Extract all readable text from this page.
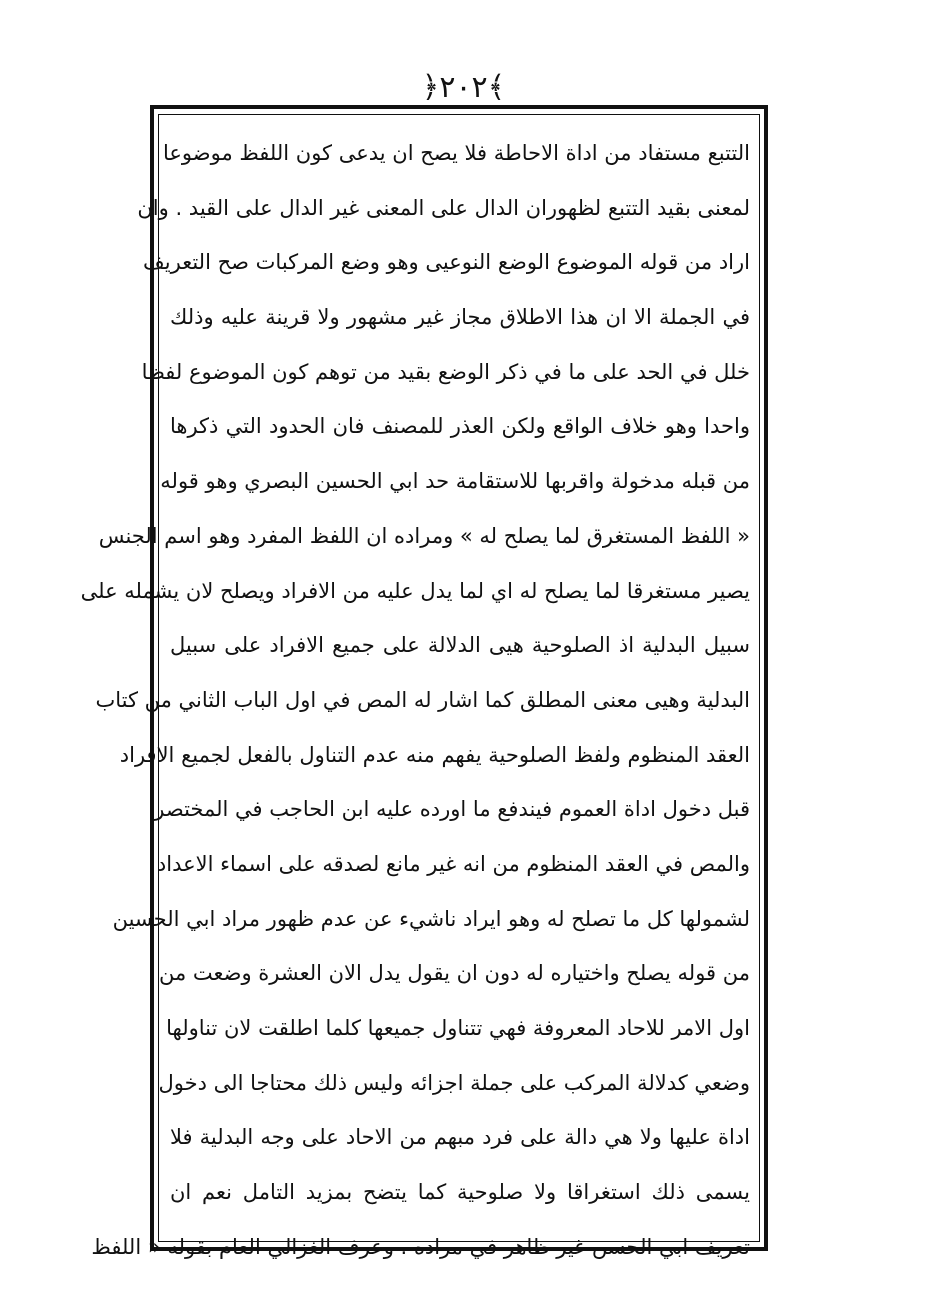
﴿٢٠٢﴾
التتبع مستفاد من اداة الاحاطة فلا يصح ان يدعى كون اللفظ موضوعا
لمعنى بقيد التتبع لظهوران الدال على المعنى غير الدال على القيد . وان
اراد من قوله الموضوع الوضع النوعيى وهو وضع المركبات صح التعريف
في الجملة الا ان هذا الاطلاق مجاز غير مشهور ولا قرينة عليه وذلك
خلل في الحد على ما في ذكر الوضع بقيد من توهم كون الموضوع لفظا
واحدا وهو خلاف الواقع ولكن العذر للمصنف فان الحدود التي ذكرها
من قبله مدخولة واقربها للاستقامة حد ابي الحسين البصري وهو قوله
« اللفظ المستغرق لما يصلح له » ومراده ان اللفظ المفرد وهو اسم الجنس
يصير مستغرقا لما يصلح له اي لما يدل عليه من الافراد ويصلح لان يشمله على
سبيل البدلية اذ الصلوحية هيى الدلالة على جميع الافراد على سبيل
البدلية وهيى معنى المطلق كما اشار له المص في اول الباب الثاني من كتاب
العقد المنظوم ولفظ الصلوحية يفهم منه عدم التناول بالفعل لجميع الافراد
قبل دخول اداة العموم فيندفع ما اورده عليه ابن الحاجب في المختصر
والمص في العقد المنظوم من انه غير مانع لصدقه على اسماء الاعداد
لشمولها كل ما تصلح له وهو ايراد ناشيء عن عدم ظهور مراد ابي الحسين
من قوله يصلح واختياره له دون ان يقول يدل الان العشرة وضعت من
اول الامر للاحاد المعروفة فهي تتناول جميعها كلما اطلقت لان تناولها
وضعي كدلالة المركب على جملة اجزائه وليس ذلك محتاجا الى دخول
اداة عليها ولا هي دالة على فرد مبهم من الاحاد على وجه البدلية فلا
يسمى ذلك استغراقا ولا صلوحية كما يتضح بمزيد التامل نعم ان
تعريف ابي الحسن غير ظاهر في مراده . وعرف الغزالي العام بقوله « اللفظ
